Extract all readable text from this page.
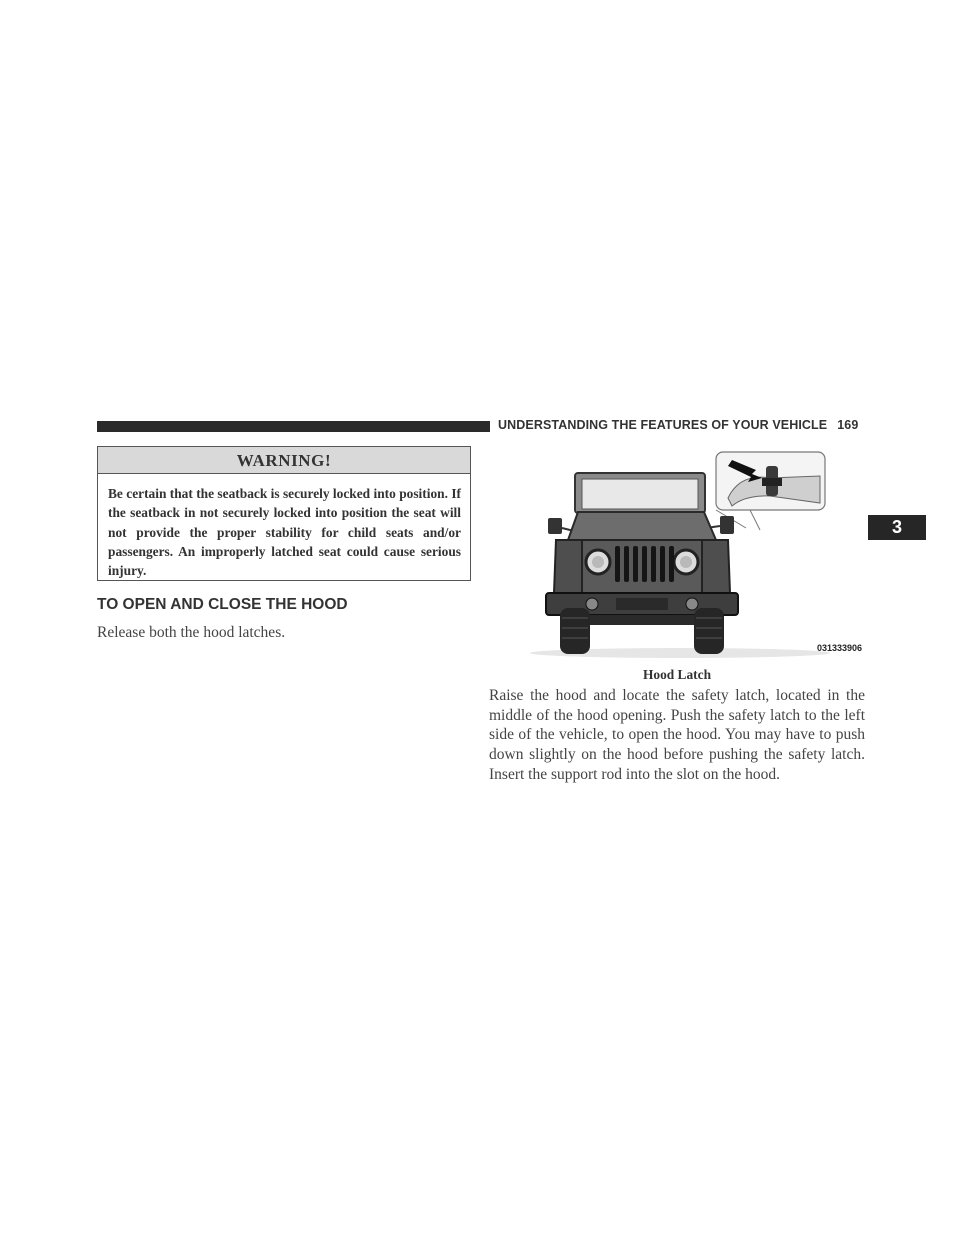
UNDERSTANDING THE FEATURES OF YOUR VEHICLE 169
3
WARNING!
Be certain that the seatback is securely locked into position. If the seatback in not securely locked into position the seat will not provide the proper stability for child seats and/or passengers. An improperly latched seat could cause serious injury.
TO OPEN AND CLOSE THE HOOD
Release both the hood latches.
031333906
Hood Latch
Raise the hood and locate the safety latch, located in the middle of the hood opening. Push the safety latch to the left side of the vehicle, to open the hood. You may have to push down slightly on the hood before pushing the safety latch. Insert the support rod into the slot on the hood.
